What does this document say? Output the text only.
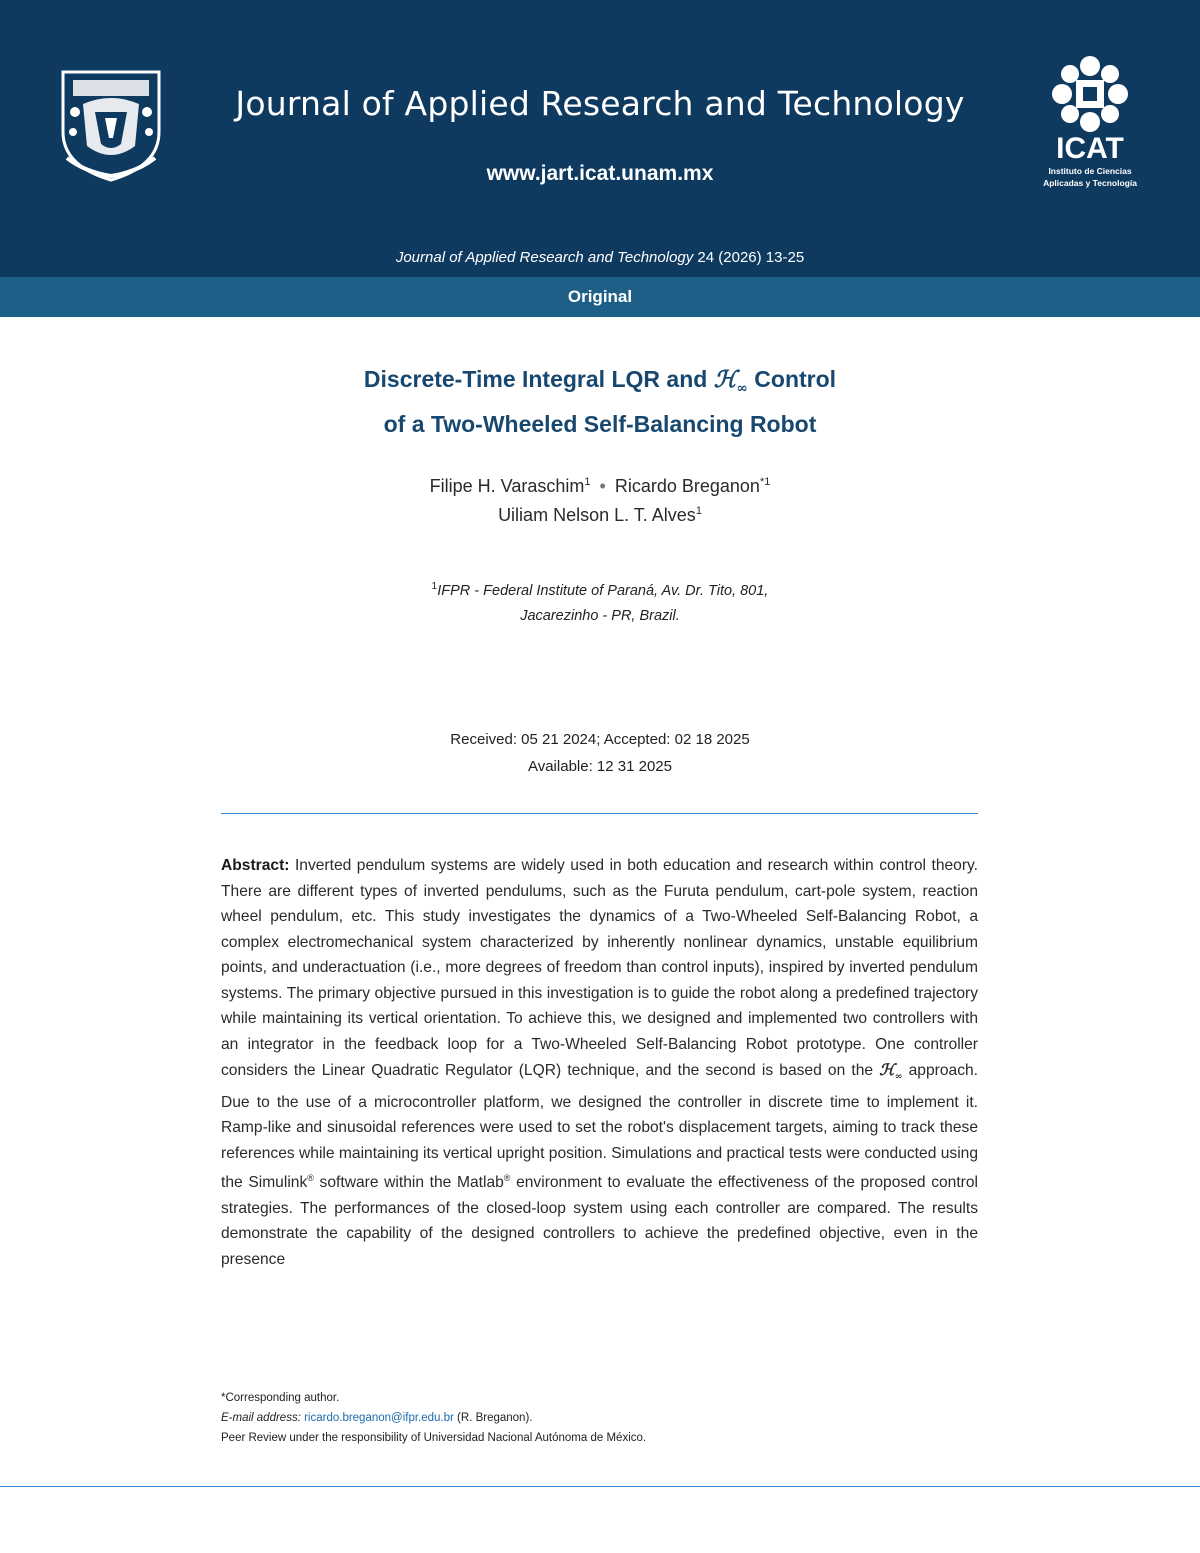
Journal of Applied Research and Technology
www.jart.icat.unam.mx
ICAT
Instituto de Ciencias
Aplicadas y Tecnología
Journal of Applied Research and Technology 24 (2026) 13-25
Original
Discrete-Time Integral LQR and ℋ$_\infty$ Control
of a Two-Wheeled Self-Balancing Robot
Filipe H. Varaschim$^1$ • Ricardo Breganon$^{*1}$
Uiliam Nelson L. T. Alves$^1$
$^1$IFPR - Federal Institute of Paraná, Av. Dr. Tito, 801,
Jacarezinho - PR, Brazil.
Received: 05 21 2024; Accepted: 02 18 2025
Available: 12 31 2025
Abstract: Inverted pendulum systems are widely used in both education and research within control theory. There are different types of inverted pendulums, such as the Furuta pendulum, cart-pole system, reaction wheel pendulum, etc. This study investigates the dynamics of a Two-Wheeled Self-Balancing Robot, a complex electromechanical system characterized by inherently nonlinear dynamics, unstable equilibrium points, and underactuation (i.e., more degrees of freedom than control inputs), inspired by inverted pendulum systems. The primary objective pursued in this investigation is to guide the robot along a predefined trajectory while maintaining its vertical orientation. To achieve this, we designed and implemented two controllers with an integrator in the feedback loop for a Two-Wheeled Self-Balancing Robot prototype. One controller considers the Linear Quadratic Regulator (LQR) technique, and the second is based on the ℋ$_\infty$ approach. Due to the use of a microcontroller platform, we designed the controller in discrete time to implement it. Ramp-like and sinusoidal references were used to set the robot's displacement targets, aiming to track these references while maintaining its vertical upright position. Simulations and practical tests were conducted using the Simulink® software within the Matlab® environment to evaluate the effectiveness of the proposed control strategies. The performances of the closed-loop system using each controller are compared. The results demonstrate the capability of the designed controllers to achieve the predefined objective, even in the presence
*Corresponding author.
E-mail address: ricardo.breganon@ifpr.edu.br (R. Breganon).
Peer Review under the responsibility of Universidad Nacional Autónoma de México.
